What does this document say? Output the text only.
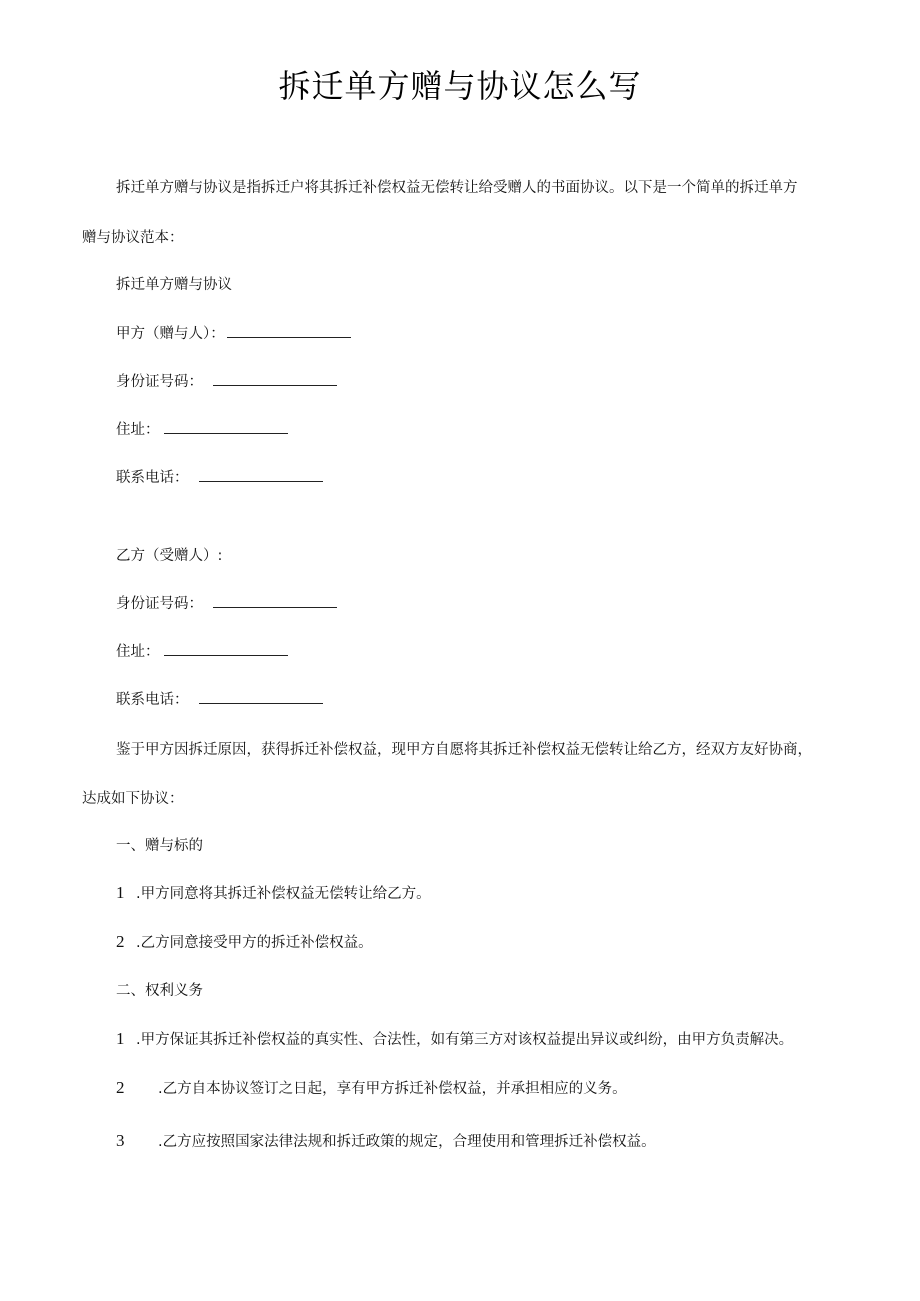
拆迁单方赠与协议怎么写
拆迁单方赠与协议是指拆迁户将其拆迁补偿权益无偿转让给受赠人的书面协议。以下是一个简单的拆迁单方
赠与协议范本：
拆迁单方赠与协议
甲方（赠与人）：
身份证号码：
住址：
联系电话：
乙方（受赠人）:
身份证号码：
住址：
联系电话：
鉴于甲方因拆迁原因，获得拆迁补偿权益，现甲方自愿将其拆迁补偿权益无偿转让给乙方，经双方友好协商，
达成如下协议：
一、赠与标的
1 .甲方同意将其拆迁补偿权益无偿转让给乙方。
2 .乙方同意接受甲方的拆迁补偿权益。
二、权利义务
1 .甲方保证其拆迁补偿权益的真实性、合法性，如有第三方对该权益提出异议或纠纷，由甲方负责解决。
2 .乙方自本协议签订之日起，享有甲方拆迁补偿权益，并承担相应的义务。
3 .乙方应按照国家法律法规和拆迁政策的规定，合理使用和管理拆迁补偿权益。
